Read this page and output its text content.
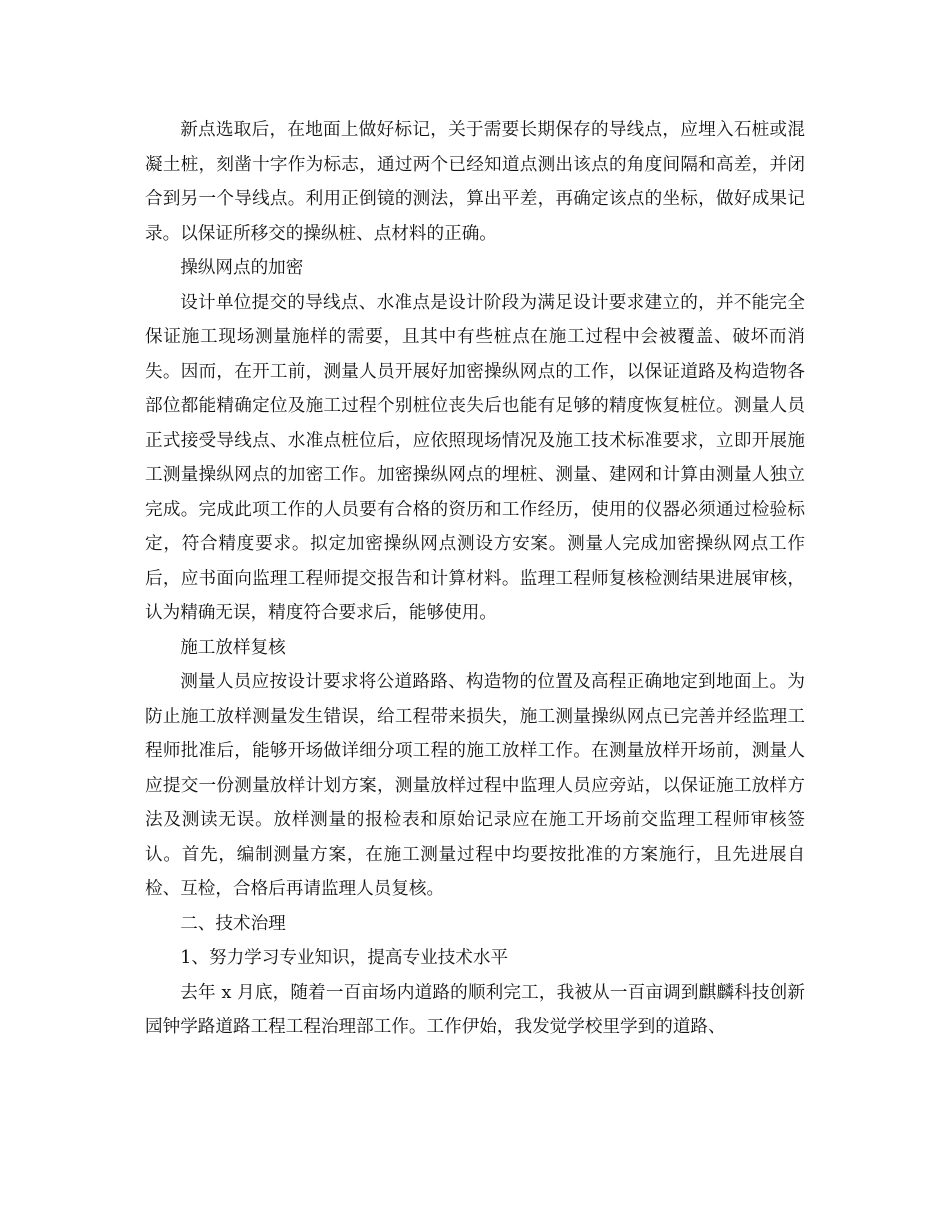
新点选取后，在地面上做好标记，关于需要长期保存的导线点，应埋入石桩或混凝土桩，刻凿十字作为标志，通过两个已经知道点测出该点的角度间隔和高差，并闭合到另一个导线点。利用正倒镜的测法，算出平差，再确定该点的坐标，做好成果记录。以保证所移交的操纵桩、点材料的正确。

操纵网点的加密

设计单位提交的导线点、水准点是设计阶段为满足设计要求建立的，并不能完全保证施工现场测量施样的需要，且其中有些桩点在施工过程中会被覆盖、破坏而消失。因而，在开工前，测量人员开展好加密操纵网点的工作，以保证道路及构造物各部位都能精确定位及施工过程个别桩位丧失后也能有足够的精度恢复桩位。测量人员正式接受导线点、水准点桩位后，应依照现场情况及施工技术标准要求，立即开展施工测量操纵网点的加密工作。加密操纵网点的埋桩、测量、建网和计算由测量人独立完成。完成此项工作的人员要有合格的资历和工作经历，使用的仪器必须通过检验标定，符合精度要求。拟定加密操纵网点测设方安案。测量人完成加密操纵网点工作后，应书面向监理工程师提交报告和计算材料。监理工程师复核检测结果进展审核，认为精确无误，精度符合要求后，能够使用。

施工放样复核

测量人员应按设计要求将公道路路、构造物的位置及高程正确地定到地面上。为防止施工放样测量发生错误，给工程带来损失，施工测量操纵网点已完善并经监理工程师批准后，能够开场做详细分项工程的施工放样工作。在测量放样开场前，测量人应提交一份测量放样计划方案，测量放样过程中监理人员应旁站，以保证施工放样方法及测读无误。放样测量的报检表和原始记录应在施工开场前交监理工程师审核签认。首先，编制测量方案，在施工测量过程中均要按批准的方案施行，且先进展自检、互检，合格后再请监理人员复核。

二、技术治理

1、努力学习专业知识，提高专业技术水平

去年 x 月底，随着一百亩场内道路的顺利完工，我被从一百亩调到麒麟科技创新园钟学路道路工程工程治理部工作。工作伊始，我发觉学校里学到的道路、
